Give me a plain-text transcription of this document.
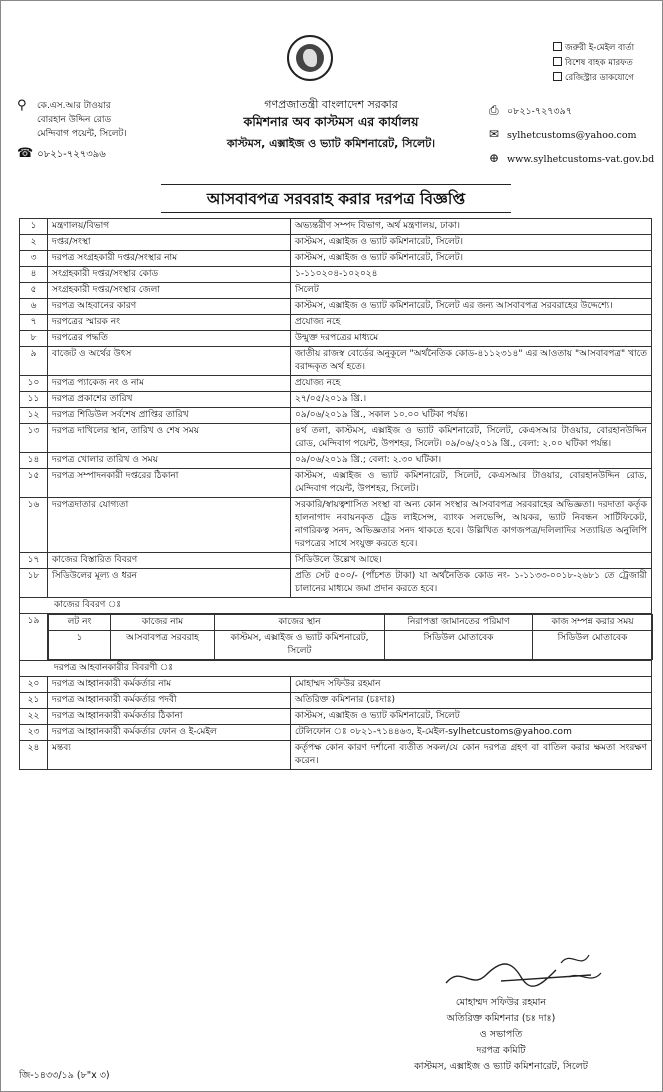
জরুরী ই-মেইল বার্তা
বিশেষ বাহক মারফত
রেজিস্ট্রার ডাকযোগে
⚲ কে.এস.আর টাওয়ার
বোরহান উদ্দিন রোড
মেন্দিবাগ পয়েন্ট, সিলেট।
☎ ০৮২১-৭২৭৩৯৬
গণপ্রজাতন্ত্রী বাংলাদেশ সরকার
কমিশনার অব কাস্টমস এর কার্যালয়
কাস্টমস, এক্সাইজ ও ভ্যাট কমিশনারেট, সিলেট।
⎙ ০৮২১-৭২৭৩৯৭
✉ sylhetcustoms@yahoo.com
⊕ www.sylhetcustoms-vat.gov.bd
আসবাবপত্র সরবরাহ করার দরপত্র বিজ্ঞপ্তি
১	মন্ত্রণালয়/বিভাগ	অভ্যন্তরীণ সম্পদ বিভাগ, অর্থ মন্ত্রণালয়, ঢাকা।
২	দপ্তর/সংস্থা	কাস্টমস, এক্সাইজ ও ভ্যাট কমিশনারেট, সিলেট।
৩	দরপত্র সংগ্রহকারী দপ্তর/সংস্থার নাম	কাস্টমস, এক্সাইজ ও ভ্যাট কমিশনারেট, সিলেট।
৪	সংগ্রহকারী দপ্তর/সংস্থার কোড	১-১১০২০৪-১০২০২৪
৫	সংগ্রহকারী দপ্তর/সংস্থার জেলা	সিলেট
৬	দরপত্র আহবানের কারণ	কাস্টমস, এক্সাইজ ও ভ্যাট কমিশনারেট, সিলেট এর জন্য আসবাবপত্র সরবরাহের উদ্দেশ্যে।
৭	দরপত্রের স্মারক নং	প্রযোজ্য নহে
৮	দরপত্রের পদ্ধতি	উন্মুক্ত দরপত্রের মাধ্যমে
৯	বাজেট ও অর্থের উৎস	জাতীয় রাজস্ব বোর্ডের অনুকূলে "অর্থনৈতিক কোড-৪১১২৩১৪" এর আওতায় "আসবাবপত্র" খাতে বরাদ্দকৃত অর্থ হতে।
১০	দরপত্র প্যাকেজ নং ও নাম	প্রযোজ্য নহে
১১	দরপত্র প্রকাশের তারিখ	২৭/০৫/২০১৯ খ্রি.।
১২	দরপত্র শিডিউল সর্বশেষ প্রাপ্তির তারিখ	০৯/০৬/২০১৯ খ্রি., সকাল ১০.০০ ঘটিকা পর্যন্ত।
১৩	দরপত্র দাখিলের স্থান, তারিখ ও শেষ সময়	৪র্থ তলা, কাস্টমস, এক্সাইজ ও ভ্যাট কমিশনারেট, সিলেট, কেএসআর টাওয়ার, বোরহানউদ্দিন রোড, মেন্দিবাগ পয়েন্ট, উপশহর, সিলেট। ০৯/০৬/২০১৯ খ্রি., বেলা: ২.০০ ঘটিকা পর্যন্ত।
১৪	দরপত্র খোলার তারিখ ও সময়	০৯/০৬/২০১৯ খ্রি.; বেলা: ২.৩০ ঘটিকা।
১৫	দরপত্র সম্পাদনকারী দপ্তরের ঠিকানা	কাস্টমস, এক্সাইজ ও ভ্যাট কমিশনারেট, সিলেট, কেএসআর টাওয়ার, বোরহানউদ্দিন রোড, মেন্দিবাগ পয়েন্ট, উপশহর, সিলেট।
১৬	দরপত্রদাতার যোগ্যতা	সরকারি/স্বায়ত্বশাসিত সংস্থা বা অন্য কোন সংস্থার আসবাবপত্র সরবরাহের অভিজ্ঞতা। দরদাতা কর্তৃক হালনাগাদ নবায়নকৃত ট্রেড লাইসেন্স, ব্যাংক সলভেন্সি, আয়কর, ভ্যাট নিবন্ধন সার্টিফিকেট, নাগরিকত্ব সনদ, অভিজ্ঞতার সনদ থাকতে হবে। উল্লিখিত কাগজপত্র/দলিলাদির সত্যায়িত অনুলিপি দরপত্রের সাথে সংযুক্ত করতে হবে।
১৭	কাজের বিস্তারিত বিবরণ	সিডিউলে উল্লেখ আছে।
১৮	সিডিউলের মূল্য ও ধরন	প্রতি সেট ৫০০/- (পাঁচশত টাকা) যা অর্থনৈতিক কোড নং- ১-১১৩৩-০০১৮-২৬৮১ তে ট্রেজারী চালানের মাধ্যমে জমা প্রদান করতে হবে।
কাজের বিবরণ ঃ
১৯		লট নং	কাজের নাম	কাজের স্থান	নিরাপত্তা জামানতের পরিমাণ	কাজ সম্পন্ন করার সময়
১	আসবাবপত্র সরবরাহ	কাস্টমস, এক্সাইজ ও ভ্যাট কমিশনারেট, সিলেট	সিডিউল মোতাবেক	সিডিউল মোতাবেক

দরপত্র আহবানকারীর বিবরণী ঃ
২০	দরপত্র আহ্বানকারী কর্মকর্তার নাম	মোহাম্মদ সফিউর রহমান
২১	দরপত্র আহ্বানকারী কর্মকর্তার পদবী	অতিরিক্ত কমিশনার (চঃদাঃ)
২২	দরপত্র আহ্বানকারী কর্মকর্তার ঠিকানা	কাস্টমস, এক্সাইজ ও ভ্যাট কমিশনারেট, সিলেট
২৩	দরপত্র আহ্বানকারী কর্মকর্তার ফোন ও ই-মেইল	টেলিফোন ঃ ০৮২১-৭১৪৪৬৩, ই-মেইল-sylhetcustoms@yahoo.com
২৪	মন্তব্য	কর্তৃপক্ষ কোন কারণ দর্শানো ব্যতীত সকল/যে কোন দরপত্র গ্রহণ বা বাতিল করার ক্ষমতা সংরক্ষণ করেন।
মোহাম্মদ সফিউর রহমান
অতিরিক্ত কমিশনার (চঃ দাঃ)
ও সভাপতি
দরপত্র কমিটি
কাস্টমস, এক্সাইজ ও ভ্যাট কমিশনারেট, সিলেট
জি-১৪৩৩/১৯ (৮"x ৩)
